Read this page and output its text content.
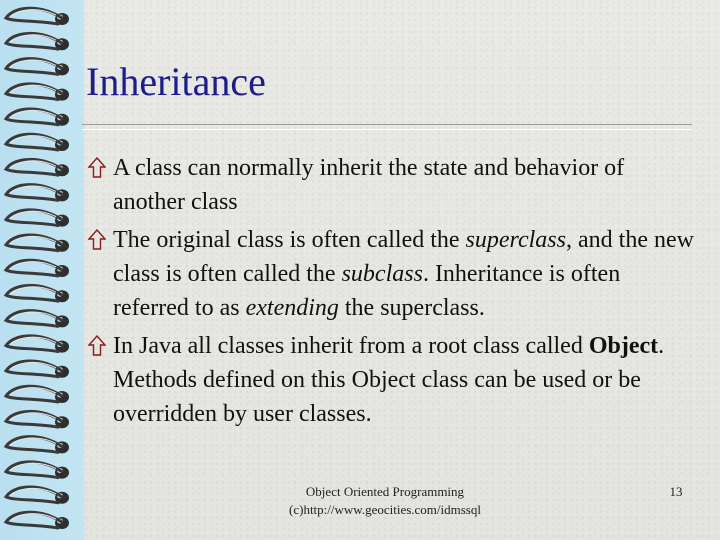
Inheritance
A class can normally inherit the state and behavior of another class
The original class is often called the superclass, and the new class is often called the subclass. Inheritance is often referred to as extending the superclass.
In Java all classes inherit from a root class called Object. Methods defined on this Object class can be used or be overridden by user classes.
Object Oriented Programming
(c)http://www.geocities.com/idmssql
13
